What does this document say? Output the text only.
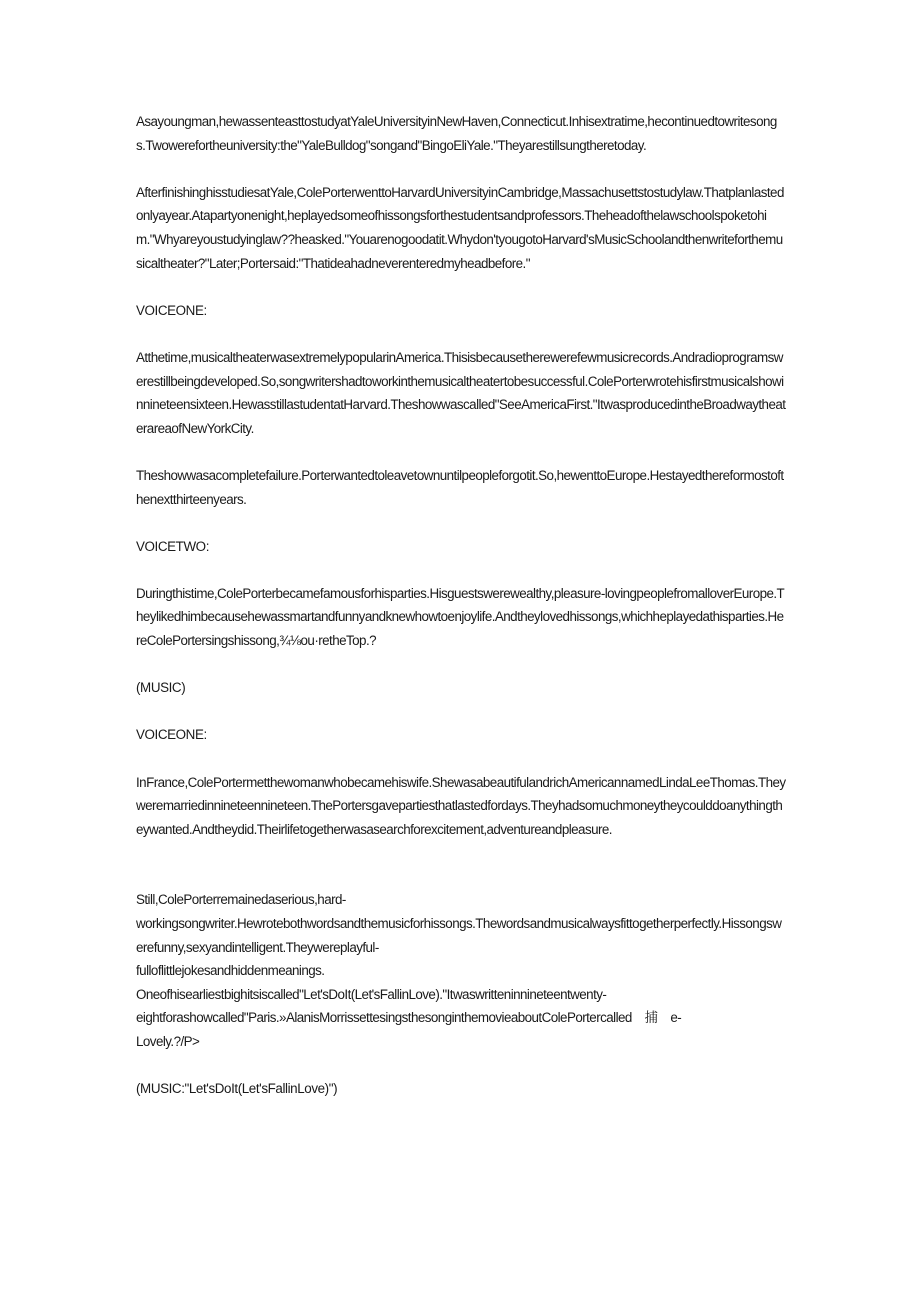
Asayoungman,hewassenteasttostudyatYaleUniversityinNewHaven,Connecticut.Inhisextratime,hecontinuedtowritesongs.Twowerefortheuniversity:the"YaleBulldog"songand"BingoEliYale."Theyarestillsungtheretoday.

AfterfinishinghisstudiesatYale,ColePorterwenttoHarvardUniversityinCambridge,Massachusettstostudylaw.Thatplanlastedonlyayear.Atapartyonenight,heplayedsomeofhissongsforthestudentsandprofessors.Theheadofthelawschoolspoketohim."Whyareyoustudyinglaw??heasked."Youarenogoodatit.Whydon'tyougotoHarvard'sMusicSchoolandthenwriteforthemusicaltheater?"Later;Portersaid:"Thatideahadneverenteredmyheadbefore."

VOICEONE:

Atthetime,musicaltheaterwasextremelypopularinAmerica.Thisisbecausetherewerefewmusicrecords.Andradioprogramswerestillbeingdeveloped.So,songwritershadtoworkinthemusicaltheatertobesuccessful.ColePorterwrotehisfirstmusicalshowinnineteensixteen.HewasstillastudentatHarvard.Theshowwascalled"SeeAmericaFirst."ItwasproducedintheBroadwaytheaterareaofNewYorkCity.

Theshowwasacompletefailure.Porterwantedtoleavetownuntilpeopleforgotit.So,hewenttoEurope.Hestayedthereformostofthenextthirteenyears.

VOICETWO:

Duringthistime,ColePorterbecamefamousforhisparties.Hisguestswerewealthy,pleasure-lovingpeoplefromalloverEurope.Theylikedhimbecausehewassmartandfunnyandknewhowtoenjoylife.Andtheylovedhissongs,whichheplayedathisparties.HereColePortersingshissong,¾⅛ou·retheTop.?

(MUSIC)

VOICEONE:

InFrance,ColePortermetthewomanwhobecamehiswife.ShewasabeautifulandrichAmericannamedLindaLeeThomas.Theyweremarriedinnineteennineteen.ThePortersgavepartiesthatlastedfordays.Theyhadsomuchmoneytheycoulddoanythingtheywanted.Andtheydid.Theirlifetogetherwasasearchforexcitement,adventureandpleasure.

Still,ColePorterremainedaserious,hard-
workingsongwriter.Hewrotebothwordsandthemusicforhissongs.Thewordsandmusicalwaysfittogetherperfectly.Hissongswerefunny,sexyandintelligent.Theywereplayful-
fulloflittlejokesandhiddenmeanings.
Oneofhisearliestbighitsiscalled"Let'sDoIt(Let'sFallinLove)."Itwaswritteninnineteentwenty-
eightforashowcalled"Paris.»AlanisMorrissettesingsthesonginthemovieaboutColePortercalled　捕　e-
Lovely.?/P>

(MUSIC:"Let'sDoIt(Let'sFallinLove)")
